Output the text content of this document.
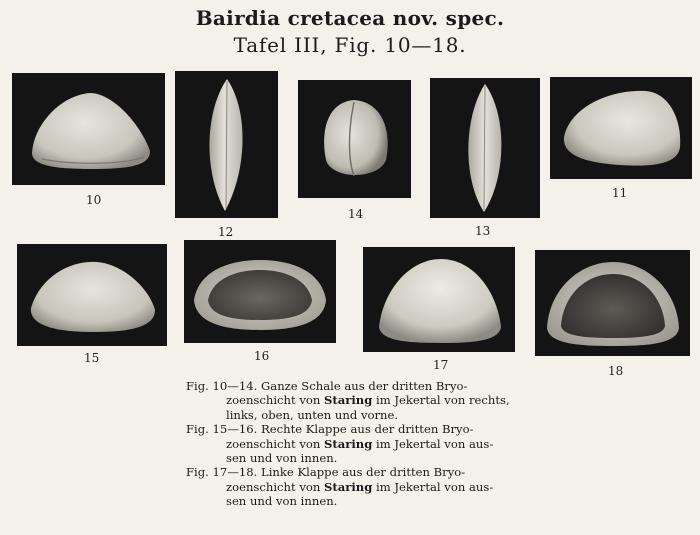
Bairdia cretacea nov. spec.
Tafel III, Fig. 10—18.
10
12
14
13
11
15	16
17	18
Fig. 10—14. Ganze Schale aus der dritten Bryo-
zoenschicht von Staring im Jekertal von rechts,
links, oben, unten und vorne.
Fig. 15—16. Rechte Klappe aus der dritten Bryo-
zoenschicht von Staring im Jekertal von aus-
sen und von innen.
Fig. 17—18. Linke Klappe aus der dritten Bryo-
zoenschicht von Staring im Jekertal von aus-
sen und von innen.
